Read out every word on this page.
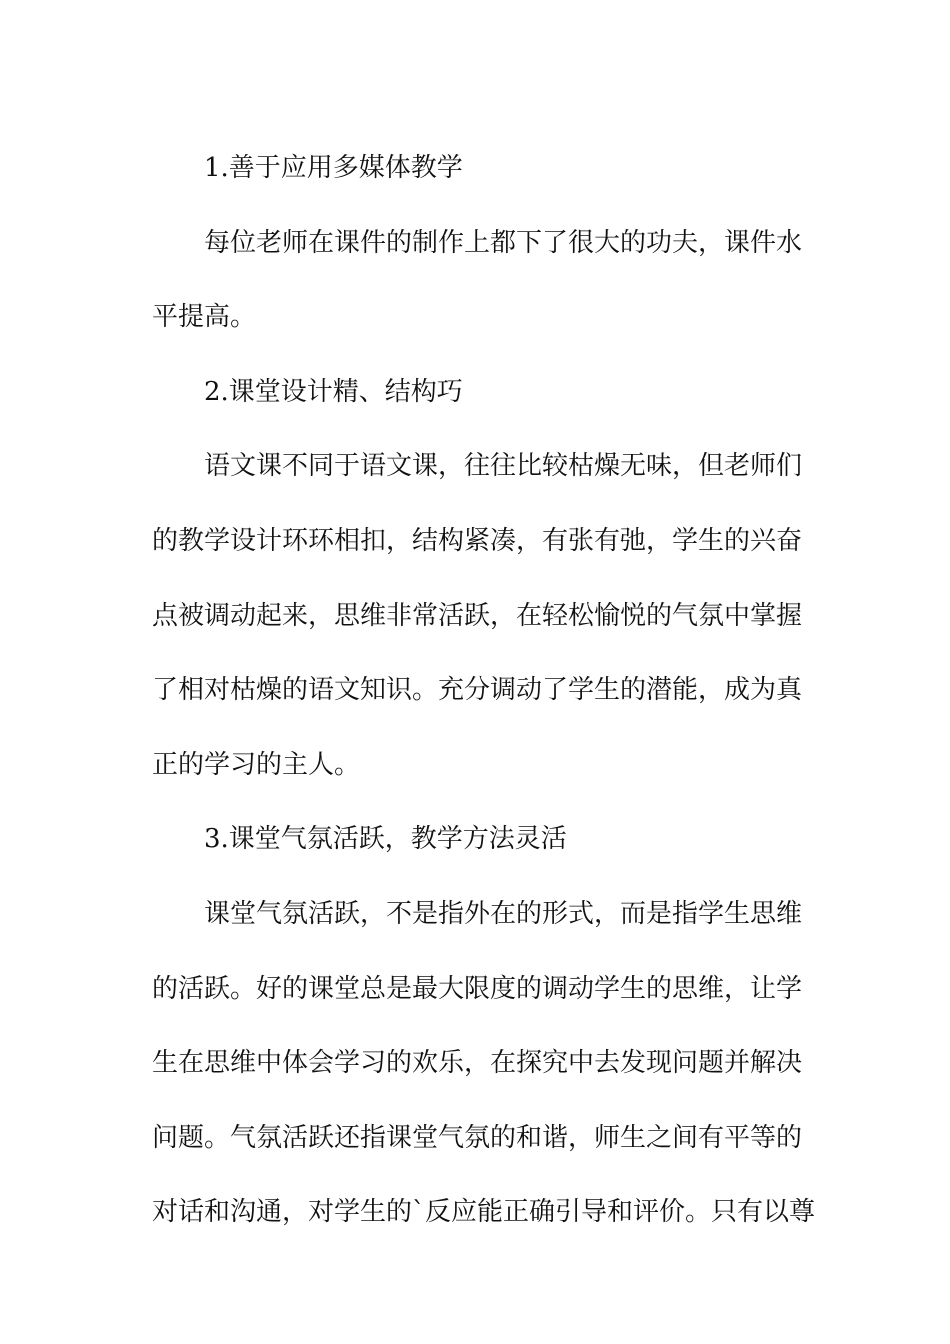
1.善于应用多媒体教学
每位老师在课件的制作上都下了很大的功夫，课件水
平提高。
2.课堂设计精、结构巧
语文课不同于语文课，往往比较枯燥无味，但老师们
的教学设计环环相扣，结构紧凑，有张有弛，学生的兴奋
点被调动起来，思维非常活跃，在轻松愉悦的气氛中掌握
了相对枯燥的语文知识。充分调动了学生的潜能，成为真
正的学习的主人。
3.课堂气氛活跃，教学方法灵活
课堂气氛活跃，不是指外在的形式，而是指学生思维
的活跃。好的课堂总是最大限度的调动学生的思维，让学
生在思维中体会学习的欢乐，在探究中去发现问题并解决
问题。气氛活跃还指课堂气氛的和谐，师生之间有平等的
对话和沟通，对学生的`反应能正确引导和评价。只有以尊
